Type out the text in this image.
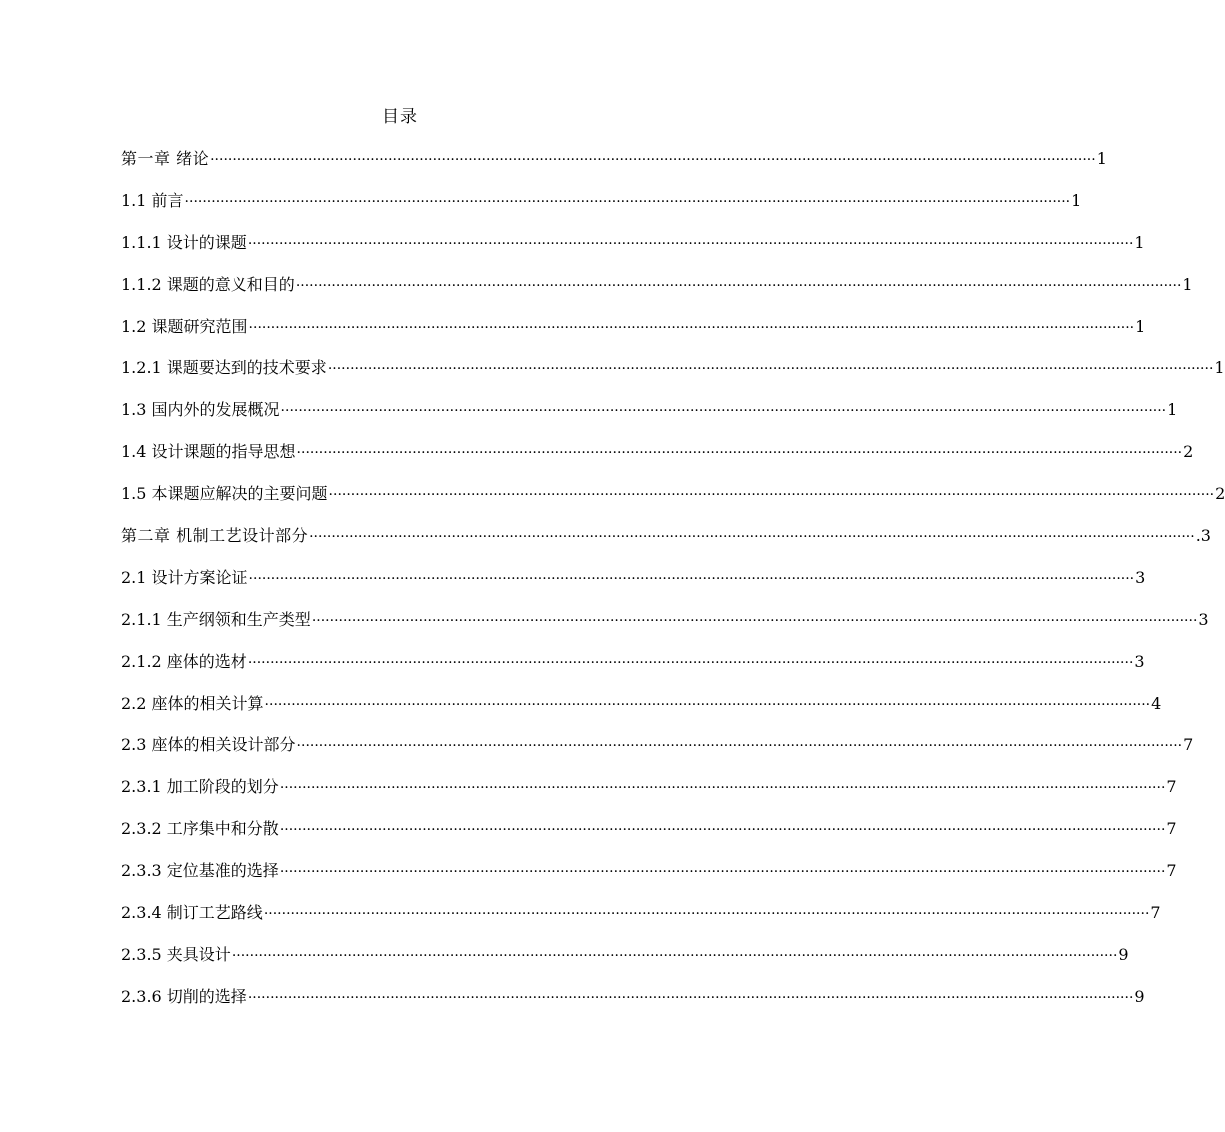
目录
第一章 绪论 ······································································································································································································· 1
1.1 前言 ······································································································································································································· 1
1.1.1 设计的课题 ······································································································································································································· 1
1.1.2 课题的意义和目的 ······································································································································································································· 1
1.2 课题研究范围 ······································································································································································································· 1
1.2.1 课题要达到的技术要求 ······································································································································································································· 1
1.3 国内外的发展概况 ······································································································································································································· 1
1.4 设计课题的指导思想 ······································································································································································································· 2
1.5 本课题应解决的主要问题 ······································································································································································································· 2
第二章 机制工艺设计部分 ······································································································································································································· .3
2.1 设计方案论证 ······································································································································································································· 3
2.1.1 生产纲领和生产类型 ······································································································································································································· 3
2.1.2 座体的选材 ······································································································································································································· 3
2.2 座体的相关计算 ······································································································································································································· 4
2.3 座体的相关设计部分 ······································································································································································································· 7
2.3.1 加工阶段的划分 ······································································································································································································· 7
2.3.2 工序集中和分散 ······································································································································································································· 7
2.3.3 定位基准的选择 ······································································································································································································· 7
2.3.4 制订工艺路线 ······································································································································································································· 7
2.3.5 夹具设计 ······································································································································································································· 9
2.3.6 切削的选择 ······································································································································································································· 9
